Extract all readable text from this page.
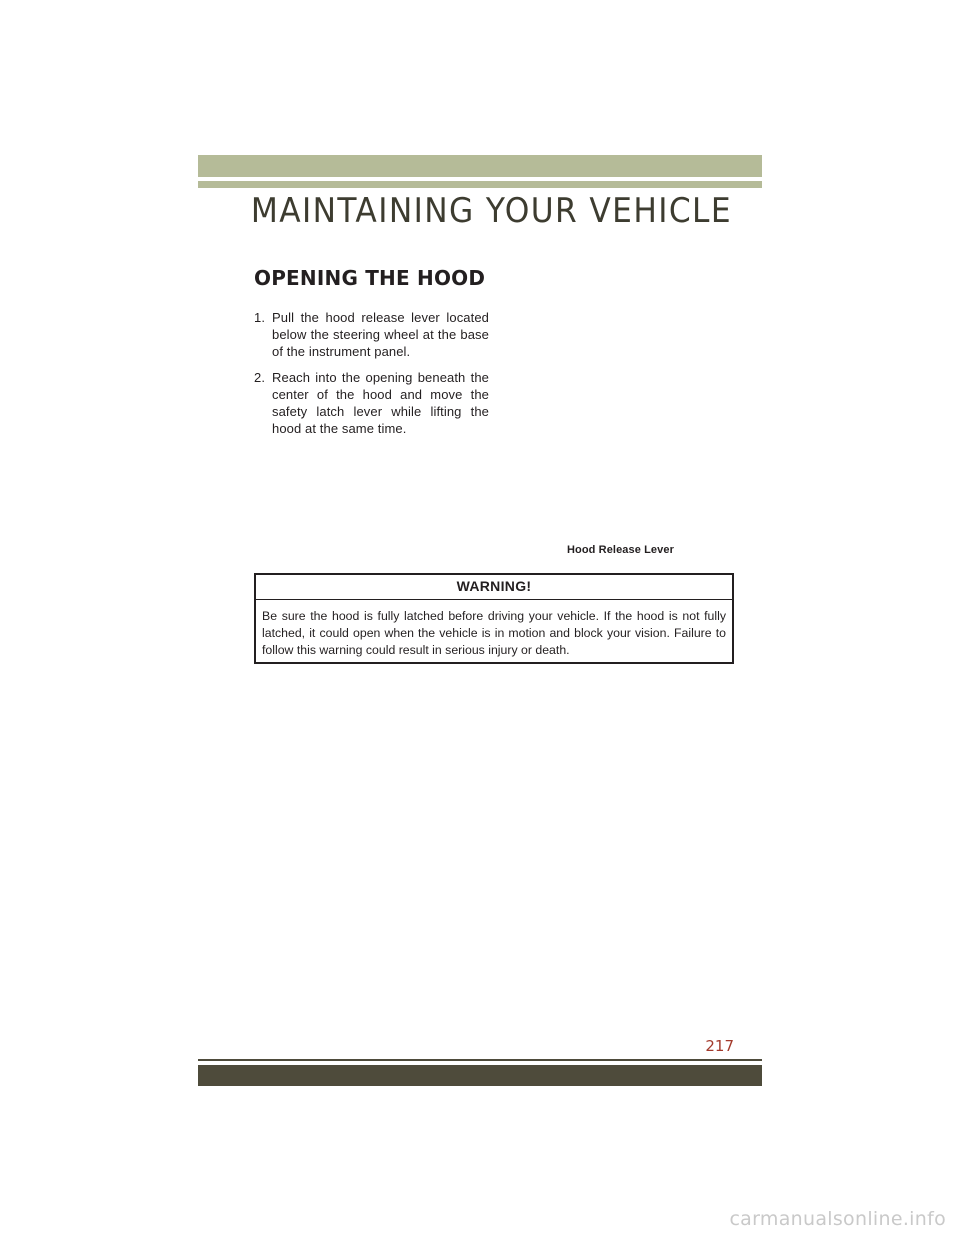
MAINTAINING YOUR VEHICLE
OPENING THE HOOD
1. Pull the hood release lever located below the steering wheel at the base of the instrument panel.
2. Reach into the opening beneath the center of the hood and move the safety latch lever while lifting the hood at the same time.
Hood Release Lever
WARNING!

Be sure the hood is fully latched before driving your vehicle. If the hood is not fully latched, it could open when the vehicle is in motion and block your vision. Failure to follow this warning could result in serious injury or death.

217
carmanualsonline.info
